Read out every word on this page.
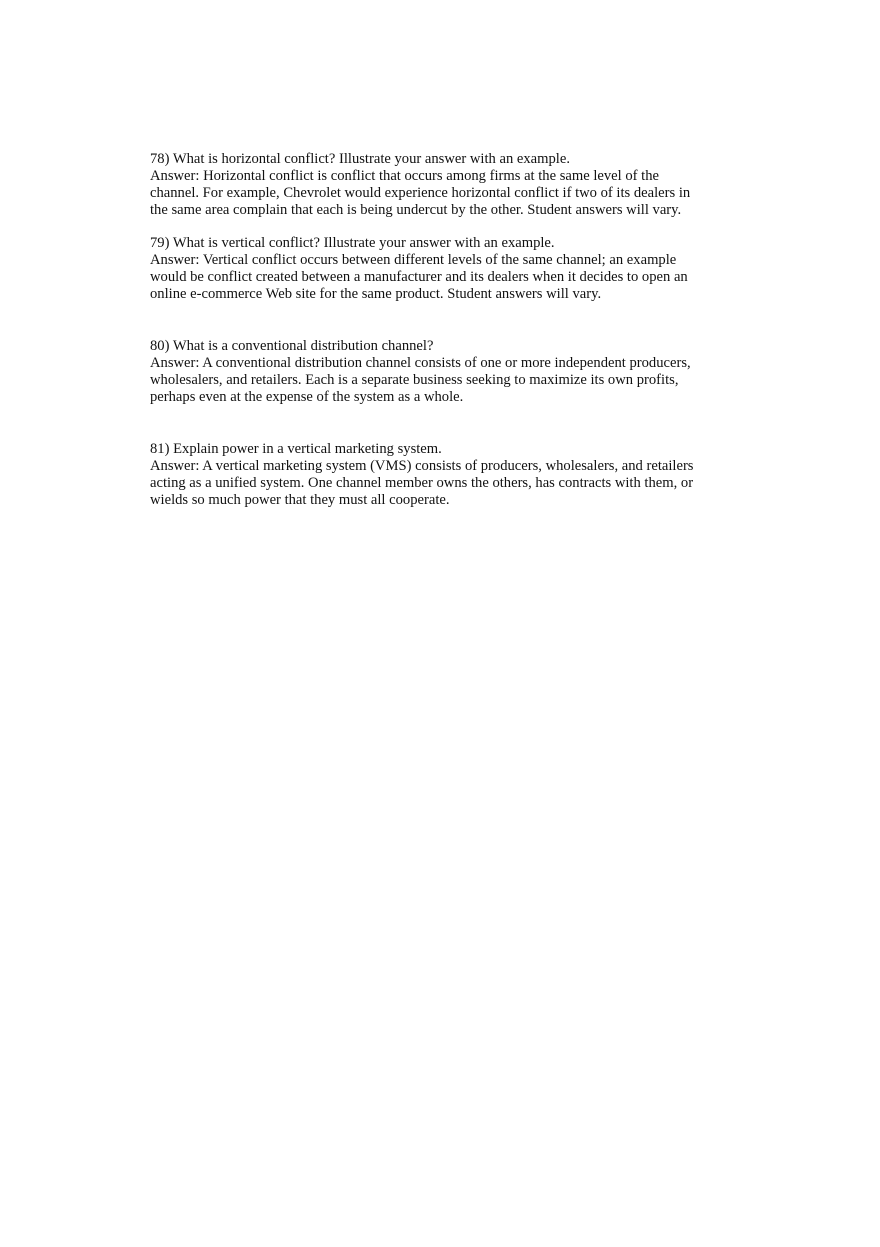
78) What is horizontal conflict? Illustrate your answer with an example.

Answer: Horizontal conflict is conflict that occurs among firms at the same level of the

channel. For example, Chevrolet would experience horizontal conflict if two of its dealers in

the same area complain that each is being undercut by the other. Student answers will vary.

79) What is vertical conflict? Illustrate your answer with an example.

Answer: Vertical conflict occurs between different levels of the same channel; an example

would be conflict created between a manufacturer and its dealers when it decides to open an

online e-commerce Web site for the same product. Student answers will vary.

80) What is a conventional distribution channel?

Answer: A conventional distribution channel consists of one or more independent producers,

wholesalers, and retailers. Each is a separate business seeking to maximize its own profits,

perhaps even at the expense of the system as a whole.

81) Explain power in a vertical marketing system.

Answer: A vertical marketing system (VMS) consists of producers, wholesalers, and retailers

acting as a unified system. One channel member owns the others, has contracts with them, or

wields so much power that they must all cooperate.
